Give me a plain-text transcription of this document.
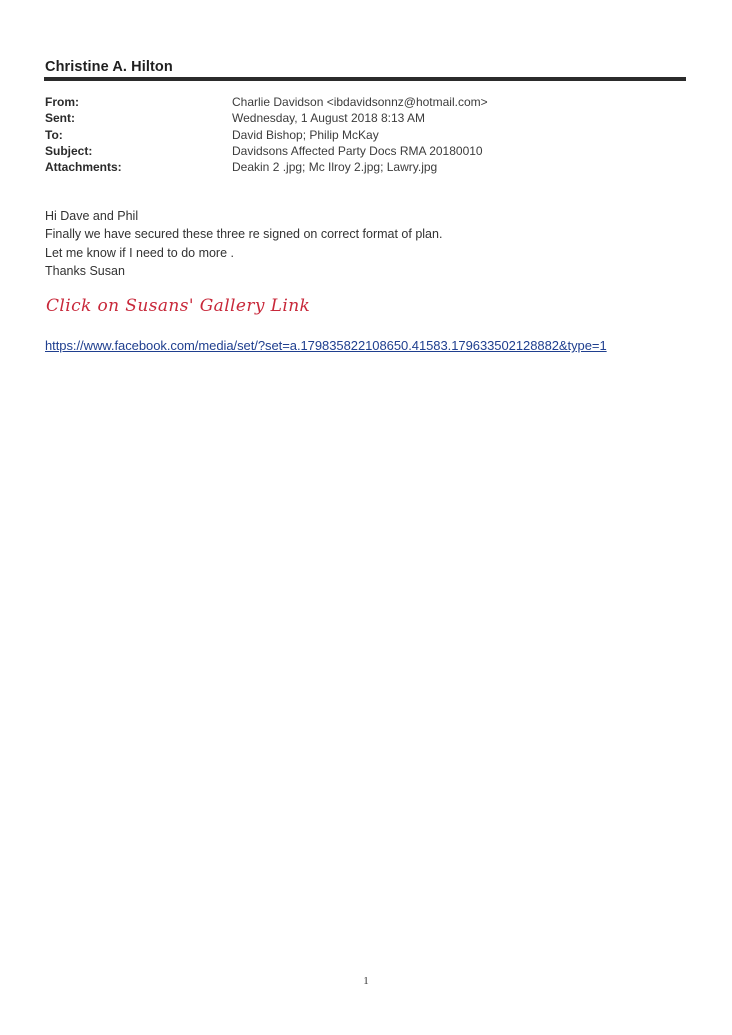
Christine A. Hilton
From:	Charlie Davidson <ibdavidsonnz@hotmail.com>
Sent:	Wednesday, 1 August 2018 8:13 AM
To:	David Bishop; Philip McKay
Subject:	Davidsons Affected Party Docs RMA 20180010
Attachments:	Deakin 2 .jpg; Mc Ilroy 2.jpg; Lawry.jpg
Hi Dave and Phil
Finally we have secured these three re signed on correct format of plan.
Let me know if I need to do more .
Thanks Susan
Click on Susans' Gallery Link
https://www.facebook.com/media/set/?set=a.179835822108650.41583.179633502128882&type=1
1
